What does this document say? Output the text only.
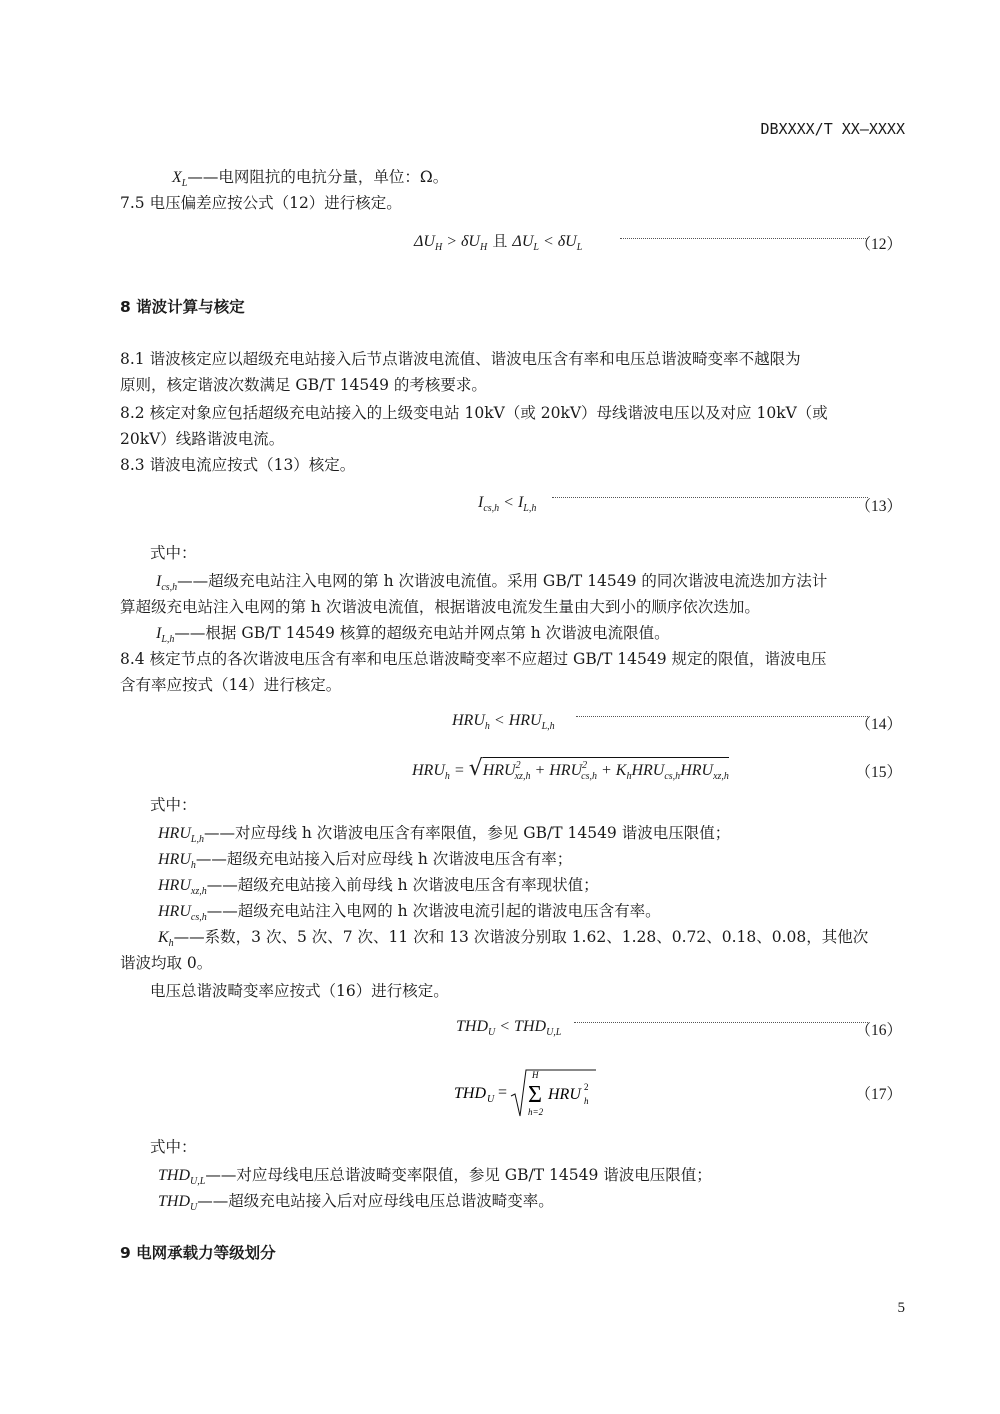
DBXXXX/T XX—XXXX
$X_L——$电网阻抗的电抗分量，单位：Ω。
7.5 电压偏差应按公式（12）进行核定。
$\Delta U_H > \delta U_H$ 且 $\Delta U_L < \delta U_L$	（12）
8 谐波计算与核定
8.1 谐波核定应以超级充电站接入后节点谐波电流值、谐波电压含有率和电压总谐波畸变率不越限为
原则，核定谐波次数满足 GB/T 14549 的考核要求。
8.2 核定对象应包括超级充电站接入的上级变电站 10kV（或 20kV）母线谐波电压以及对应 10kV（或
20kV）线路谐波电流。
8.3 谐波电流应按式（13）核定。
$I_{cs,h} < I_{L,h}$	（13）
式中：
$I_{cs,h}——$超级充电站注入电网的第 h 次谐波电流值。采用 GB/T 14549 的同次谐波电流迭加方法计
算超级充电站注入电网的第 h 次谐波电流值，根据谐波电流发生量由大到小的顺序依次迭加。
$I_{L,h}——$根据 GB/T 14549 核算的超级充电站并网点第 h 次谐波电流限值。
8.4 核定节点的各次谐波电压含有率和电压总谐波畸变率不应超过 GB/T 14549 规定的限值，谐波电压
含有率应按式（14）进行核定。
$HRU_h < HRU_{L,h}$	（14）
$HRU_h = √HRU^2_{xz,h} + HRU^2_{cs,h} + K_hHRU_{cs,h}HRU_{xz,h}$	（15）
式中：
$HRU_{L,h}——$对应母线 h 次谐波电压含有率限值，参见 GB/T 14549 谐波电压限值；
$HRU_h——$超级充电站接入后对应母线 h 次谐波电压含有率；
$HRU_{xz,h}——$超级充电站接入前母线 h 次谐波电压含有率现状值；
$HRU_{cs,h}——$超级充电站注入电网的 h 次谐波电流引起的谐波电压含有率。
$K_h——$系数，3 次、5 次、7 次、11 次和 13 次谐波分别取 1.62、1.28、0.72、0.18、0.08，其他次
谐波均取 0。
电压总谐波畸变率应按式（16）进行核定。
$THD_U < THD_{U,L}$	（16）
THD U =
H
Σ
h=2
HRU 2
h	（17）
式中：
$THD_{U,L}——$对应母线电压总谐波畸变率限值，参见 GB/T 14549 谐波电压限值；
$THD_U——$超级充电站接入后对应母线电压总谐波畸变率。
9 电网承载力等级划分
5
